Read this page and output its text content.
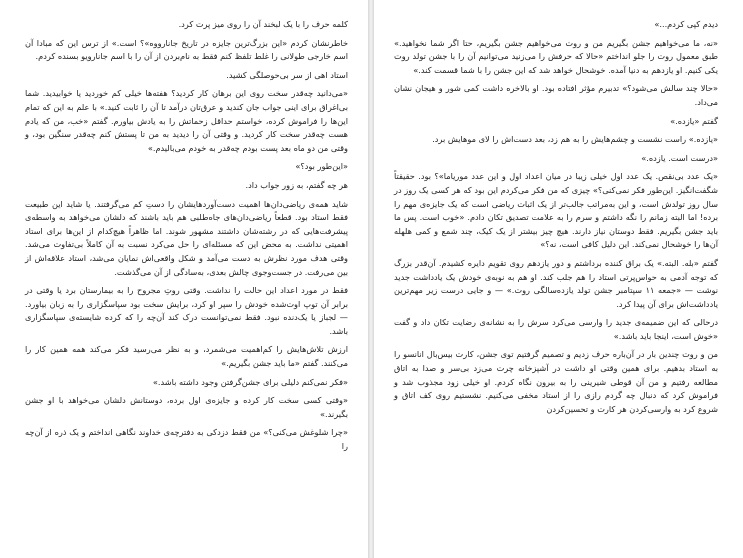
کلمه حرف را با یک لبخند آن را روی میز پرت کرد.

خاطرنشان کردم «این بزرگ‌ترین جایزه در تاریخ جانارووه»؟ است.» از ترس این که مبادا آن اسم خارجی طولانی را غلط تلفظ کنم فقط به نام‌بردن از آن را با اسم جانارویو بسنده کردم.

استاد اهی از سر بی‌حوصلگی کشید.

«می‌دانید چه‌قدر سخت روی این برهان کار کردید؟ هفته‌ها خیلی کم خوردید یا خوابیدید. شما بی‌اغراق برای اینی جواب جان کندید و عرق‌تان درآمد تا آن را ثابت کنید.» با علم به این که تمام این‌ها را فراموش کرده، خواستم حداقل زحماتش را به یادش بیاورم. گفتم «خب، من که یادم هست چه‌قدر سخت کار کردید. و وقتی آن را دیدید به من تا پستش کنم چه‌قدر سنگین بود، و وقتی من دو ماه بعد پست بودم چه‌قدر به خودم می‌بالیدم.»

«این‌طور بود؟»

هر چه گفتم، به زور جواب داد.

شاید همه‌ی ریاضی‌دان‌ها اهمیت دست‌آوردهایشان را دستِ کم می‌گرفتند. یا شاید این طبیعت فقط استاد بود. قطعاً ریاضی‌دان‌های جاه‌طلبی هم باید باشند که دلشان می‌خواهد به واسطه‌ی پیشرفت‌هایی که در رشته‌شان داشتند مشهور شوند. اما ظاهراً هیچ‌کدام از این‌ها برای استاد اهمیتی نداشت. به محض این که مسئله‌ای را حل می‌کرد نسبت به آن کاملاً بی‌تفاوت می‌شد. وقتی هدف مورد نظرش به دست می‌آمد و شکل واقعی‌اش نمایان می‌شد، استاد علاقه‌اش از بین می‌رفت. در جست‌وجوی چالش بعدی، به‌سادگی از آن می‌گذشت.

فقط در مورد اعداد این حالت را نداشت. وقتی روتِ مجروح را به بیمارستان برد یا وقتی در برابر آن توپ اوت‌شده خودش را سپر او کرد، برایش سخت بود سپاسگزاری را به زبان بیاورد. — لجباز یا یک‌دنده نبود. فقط نمی‌توانست درک کند آن‌چه را که کرده شایسته‌ی سپاسگزاری باشد.

ارزش تلاش‌هایش را کم‌اهمیت می‌شمرد، و به نظر می‌رسید فکر می‌کند همه همین کار را می‌کنند. گفتم «ما باید جشن بگیریم.»

«فکر نمی‌کنم دلیلی برای جشن‌گرفتن وجود داشته باشد.»

«وقتی کسی سخت کار کرده و جایزه‌ی اول برده، دوستانش دلشان می‌خواهد با او جشن بگیرند.»

«چرا شلوغش می‌کنی؟» من فقط دزدکی به دفترچه‌ی خداوند نگاهی انداختم و یک ذره از آن‌چه را

دیدم کپی کردم...»

«نه، ما می‌خواهیم جشن بگیریم من و روت می‌خواهیم جشن بگیریم، حتا اگر شما نخواهید.» طبق معمول روت را جلو انداختم «حالا که حرفش را می‌زنید می‌توانیم آن را با جشن تولد روت یکی کنیم. او یازدهم به دنیا آمده. خوشحال خواهد شد که این جشن را با شما قسمت کند.»

«حالا چند سالش می‌شود؟» تدبیرم مؤثر افتاده بود. او بالاخره داشت کمی شور و هیجان نشان می‌داد.

گفتم «یازده.»

«یازده.» راست نشست و چشم‌هایش را به هم زد، بعد دست‌اش را لای موهایش برد.

«درست است. یازده.»

«یک عدد بی‌نقص. یک عدد اول خیلی زیبا در میان اعداد اول و این عدد موریاما»؟ بود. حقیقتاً شگفت‌انگیز. این‌طور فکر نمی‌کنی؟» چیزی که من فکر می‌کردم این بود که هر کسی یک روز در سال روز تولدش است، و این به‌مراتب جالب‌تر از یک اثبات ریاضی است که یک جایزه‌ی مهم را برده! اما البته زمانم را نگه داشتم و سرم را به علامت تصدیق تکان دادم. «خوب است. پس ما باید جشن بگیریم. فقط دوستان نیاز دارند. هیچ چیز بیشتر از یک کیک، چند شمع و کمی هلهله آن‌ها را خوشحال نمی‌کند. این دلیل کافی است، نه؟»

گفتم «بله. البته.» یک براق کننده برداشتم و دور یازدهم روی تقویم دایره کشیدم. آن‌قدر بزرگ که توجه آدمی به حواس‌پرتی استاد را هم جلب کند. او هم به نوبه‌ی خودش یک یادداشت جدید نوشت — «جمعه ۱۱ سپتامبر جشن تولد یازده‌سالگی روت.» — و جایی درست زیر مهم‌ترین یادداشت‌اش برای آن پیدا کرد.

درحالی که این ضمیمه‌ی جدید را وارسی می‌کرد سرش را به نشانه‌ی رضایت تکان داد و گفت «خوش است، اینجا باید باشد.»

من و روت چندین بار در آن‌باره حرف زدیم و تصمیم گرفتیم توی جشن، کارت بیس‌بال انانسو را به استاد بدهیم. برای همین وقتی او داشت در آشپزخانه چرت می‌زد بی‌سر و صدا به اتاق مطالعه رفتیم و من آن قوطی شیرینی را به بیرون نگاه کردم. او خیلی زود مجذوب شد و فراموش کرد که دنبال چه گردم رازی را از استاد مخفی می‌کنیم. نشستیم روی کف اتاق و شروع کرد به وارسی‌کردن هر کارت و تحسین‌کردن
